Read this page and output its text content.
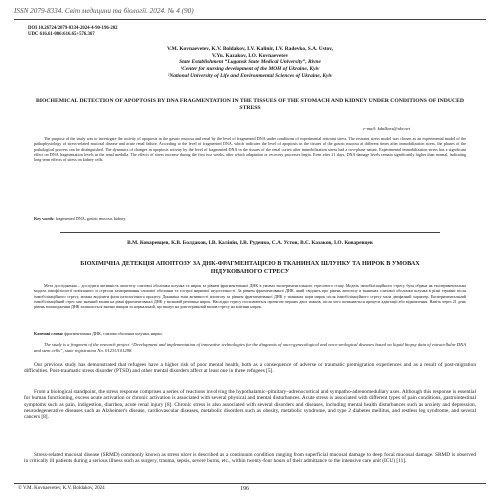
ISSN 2079-8334. Світ медицини та біології. 2024. № 4 (90)
DOI 10.26724/2079-8334-2024-4-90-196-202
UDC 616.61-006:616.65+576.367
V.M. Kovnaevetev, K.V. Boldakov, I.V. Kalinir, I.V. Radevko, S.A. Ustov,
V.Yu. Kazakov, I.O. Kovnaevetev
State Establishment “Lugansk State Medical University”, Rivne
¹Center for nursing development of the MOH of Ukraine, Kyiv
²National University of Life and Environmental Sciences of Ukraine, Kyiv
BIOCHEMICAL DETECTION OF APOPTOSIS BY DNA FRAGMENTATION IN THE TISSUES OF THE STOMACH AND KIDNEY UNDER CONDITIONS OF INDUCED STRESS
e-mail: kdalkars@ukr.net
The purpose of the study was to investigate the activity of apoptosis in the gastric mucosa and renal by the level of fragmented DNA under conditions of experimental restraint stress. The restraint stress model was chosen as an experimental model of the pathophysiology of stress-related mucosal disease and acute renal failure. According to the level of fragmented DNA, which indicates the level of apoptosis in the tissues of the gastric mucosa at different times after immobilization stress, the phases of the pathological process can be distinguished. The dynamics of changes in apoptosis activity by the level of fragmented DNA in the tissues of the renal cortex after immobilization stress had a two-phase nature. Experimental immobilization stress has a significant effect on DNA fragmentation levels in the renal medulla. The effects of stress increase during the first two weeks, after which adaptation or recovery processes begin. Even after 21 days, DNA damage levels remain significantly higher than normal, indicating long-term effects of stress on kidney cells.
Key words: fragmented DNA, gastric mucosa, kidney.
В.М. Коваревцев, К.В. Болдаков, І.В. Калінін, І.В. Руденко, С.А. Устов, В.Є. Казаков, І.О. Коваревцев
БІОХІМІЧНА ДЕТЕКЦІЯ АПОПТОЗУ ЗА ДНК-ФРАГМЕНТАЦІЄЮ В ТКАНИНАХ ШЛУНКУ ТА НИРОК В УМОВАХ ІНДУКОВАНОГО СТРЕСУ
Мета дослідження – дослідити активність апоптозу слизової оболонки шлунка та нирок за рівнем фрагментованої ДНК в умовах експериментального стресового стану. Модель іммобілізаційного стресу була обрана як експериментальна модель патофізіології пов'язаного зі стресом захворювання слизової оболонки та гострої ниркової недостатності. За рівнем фрагментованої ДНК, який свідчить про рівень апоптозу в тканинах слизової оболонки шлунка в різні терміни після іммобілізаційного стресу, можна виділити фази патологічного процесу. Динаміка змін активності апоптозу за рівнем фрагментованої ДНК у тканинах кори нирок після іммобілізаційного стресу мала двофазний характер. Експериментальний іммобілізаційний стрес має значний вплив на рівні фрагментованої ДНК у мозковій речовині нирок. Наслідки стресу посилюються протягом перших двох тижнів, після чого починаються процеси адаптації або відновлення. Навіть через 21 день рівень пошкодження ДНК залишається значно вищим за нормальний, що вказує на довготривалий вплив стресу на клітини нирок.
Ключові слова: фрагментована ДНК, слизова оболонка шлунка, нирки.
The study is a fragment of the research project “Development and implementation of innovative technologies for the diagnosis of onco-gynecological and onco-urological diseases based on liquid biopsy data of extracellular DNA and stem cells”, state registration No. 0123U101298.
Our previous study has demonstrated that refugees have a higher risk of poor mental health, both as a consequence of adverse or traumatic premigration experiences and as a result of post-migration difficulties. Post-traumatic stress disorder (PTSD) and other mental disorders affect at least one in three refugees [5].
From a biological standpoint, the stress response comprises a series of reactions involving the hypothalamic–pituitary–adrenocortical and sympatho-adrenomedullary axes. Although this response is essential for human functioning, excess acute activation or chronic activation is associated with several physical and mental disturbances. Acute stress is associated with different types of pain conditions, gastrointestinal symptoms such as pain, indigestion, diarrhea, acute renal injury [8]. Chronic stress is also associated with several disorders and diseases, including mental health disturbances such as anxiety and depression, neurodegenerative diseases such as Alzheimer's disease, cardiovascular diseases, metabolic disorders such as obesity, metabolic syndrome, and type 2 diabetes mellitus, and restless leg syndrome, and several cancers [8].
Stress-related mucosal disease (SRMD) commonly known as stress ulcer is described as a continuum condition ranging from superficial mucosal damage to deep focal mucosal damage. SRMD is observed in critically ill patients during a serious illness such as surgery, trauma, sepsis, severe burns, etc., within twenty-four hours of their admittance to the intensive care unit (ICU) [11].
© V.M. Kovnaevetev, K.V. Boldakov, 2024	196
